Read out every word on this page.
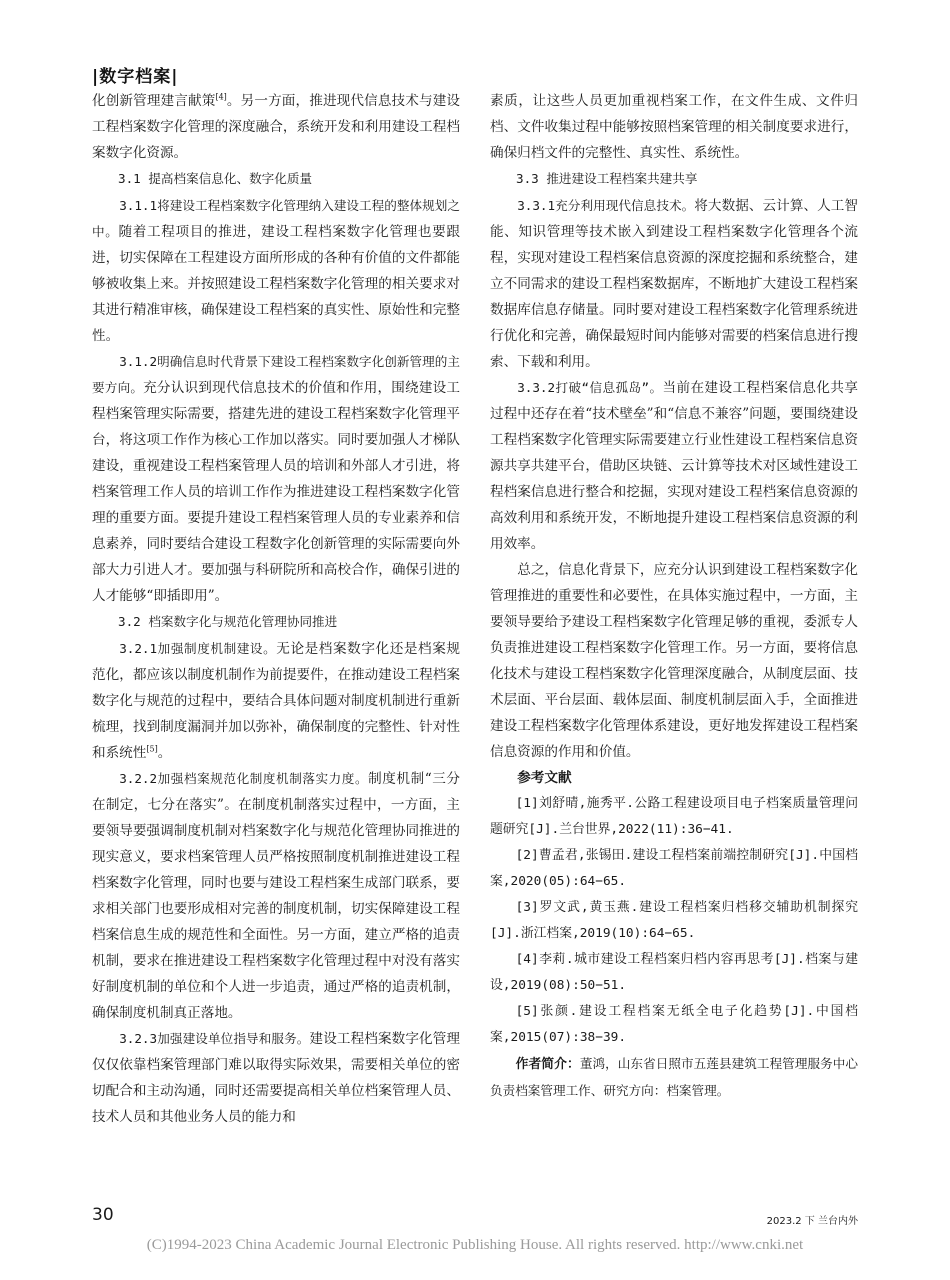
|数字档案|

化创新管理建言献策[4]。另一方面，推进现代信息技术与建设工程档案数字化管理的深度融合，系统开发和利用建设工程档案数字化资源。

3.1 提高档案信息化、数字化质量

3.1.1将建设工程档案数字化管理纳入建设工程的整体规划之中。随着工程项目的推进，建设工程档案数字化管理也要跟进，切实保障在工程建设方面所形成的各种有价值的文件都能够被收集上来。并按照建设工程档案数字化管理的相关要求对其进行精准审核，确保建设工程档案的真实性、原始性和完整性。

3.1.2明确信息时代背景下建设工程档案数字化创新管理的主要方向。充分认识到现代信息技术的价值和作用，围绕建设工程档案管理实际需要，搭建先进的建设工程档案数字化管理平台，将这项工作作为核心工作加以落实。同时要加强人才梯队建设，重视建设工程档案管理人员的培训和外部人才引进，将档案管理工作人员的培训工作作为推进建设工程档案数字化管理的重要方面。要提升建设工程档案管理人员的专业素养和信息素养，同时要结合建设工程数字化创新管理的实际需要向外部大力引进人才。要加强与科研院所和高校合作，确保引进的人才能够“即插即用”。

3.2 档案数字化与规范化管理协同推进

3.2.1加强制度机制建设。无论是档案数字化还是档案规范化，都应该以制度机制作为前提要件，在推动建设工程档案数字化与规范的过程中，要结合具体问题对制度机制进行重新梳理，找到制度漏洞并加以弥补，确保制度的完整性、针对性和系统性[5]。

3.2.2加强档案规范化制度机制落实力度。制度机制“三分在制定，七分在落实”。在制度机制落实过程中，一方面，主要领导要强调制度机制对档案数字化与规范化管理协同推进的现实意义，要求档案管理人员严格按照制度机制推进建设工程档案数字化管理，同时也要与建设工程档案生成部门联系，要求相关部门也要形成相对完善的制度机制，切实保障建设工程档案信息生成的规范性和全面性。另一方面，建立严格的追责机制，要求在推进建设工程档案数字化管理过程中对没有落实好制度机制的单位和个人进一步追责，通过严格的追责机制，确保制度机制真正落地。

3.2.3加强建设单位指导和服务。建设工程档案数字化管理仅仅依靠档案管理部门难以取得实际效果，需要相关单位的密切配合和主动沟通，同时还需要提高相关单位档案管理人员、技术人员和其他业务人员的能力和

素质，让这些人员更加重视档案工作，在文件生成、文件归档、文件收集过程中能够按照档案管理的相关制度要求进行，确保归档文件的完整性、真实性、系统性。

3.3 推进建设工程档案共建共享

3.3.1充分利用现代信息技术。将大数据、云计算、人工智能、知识管理等技术嵌入到建设工程档案数字化管理各个流程，实现对建设工程档案信息资源的深度挖掘和系统整合，建立不同需求的建设工程档案数据库，不断地扩大建设工程档案数据库信息存储量。同时要对建设工程档案数字化管理系统进行优化和完善，确保最短时间内能够对需要的档案信息进行搜索、下载和利用。

3.3.2打破“信息孤岛”。当前在建设工程档案信息化共享过程中还存在着“技术壁垒”和“信息不兼容”问题，要围绕建设工程档案数字化管理实际需要建立行业性建设工程档案信息资源共享共建平台，借助区块链、云计算等技术对区域性建设工程档案信息进行整合和挖掘，实现对建设工程档案信息资源的高效利用和系统开发，不断地提升建设工程档案信息资源的利用效率。

总之，信息化背景下，应充分认识到建设工程档案数字化管理推进的重要性和必要性，在具体实施过程中，一方面，主要领导要给予建设工程档案数字化管理足够的重视，委派专人负责推进建设工程档案数字化管理工作。另一方面，要将信息化技术与建设工程档案数字化管理深度融合，从制度层面、技术层面、平台层面、载体层面、制度机制层面入手，全面推进建设工程档案数字化管理体系建设，更好地发挥建设工程档案信息资源的作用和价值。

参考文献

[1]刘舒晴,施秀平.公路工程建设项目电子档案质量管理问题研究[J].兰台世界,2022(11):36−41.

[2]曹孟君,张锡田.建设工程档案前端控制研究[J].中国档案,2020(05):64−65.

[3]罗文武,黄玉燕.建设工程档案归档移交辅助机制探究[J].浙江档案,2019(10):64−65.

[4]李莉.城市建设工程档案归档内容再思考[J].档案与建设,2019(08):50−51.

[5]张颜.建设工程档案无纸全电子化趋势[J].中国档案,2015(07):38−39.

作者简介：董鸿，山东省日照市五莲县建筑工程管理服务中心负责档案管理工作、研究方向：档案管理。

30	2023.2 下 兰台内外
(C)1994-2023 China Academic Journal Electronic Publishing House. All rights reserved. http://www.cnki.net
